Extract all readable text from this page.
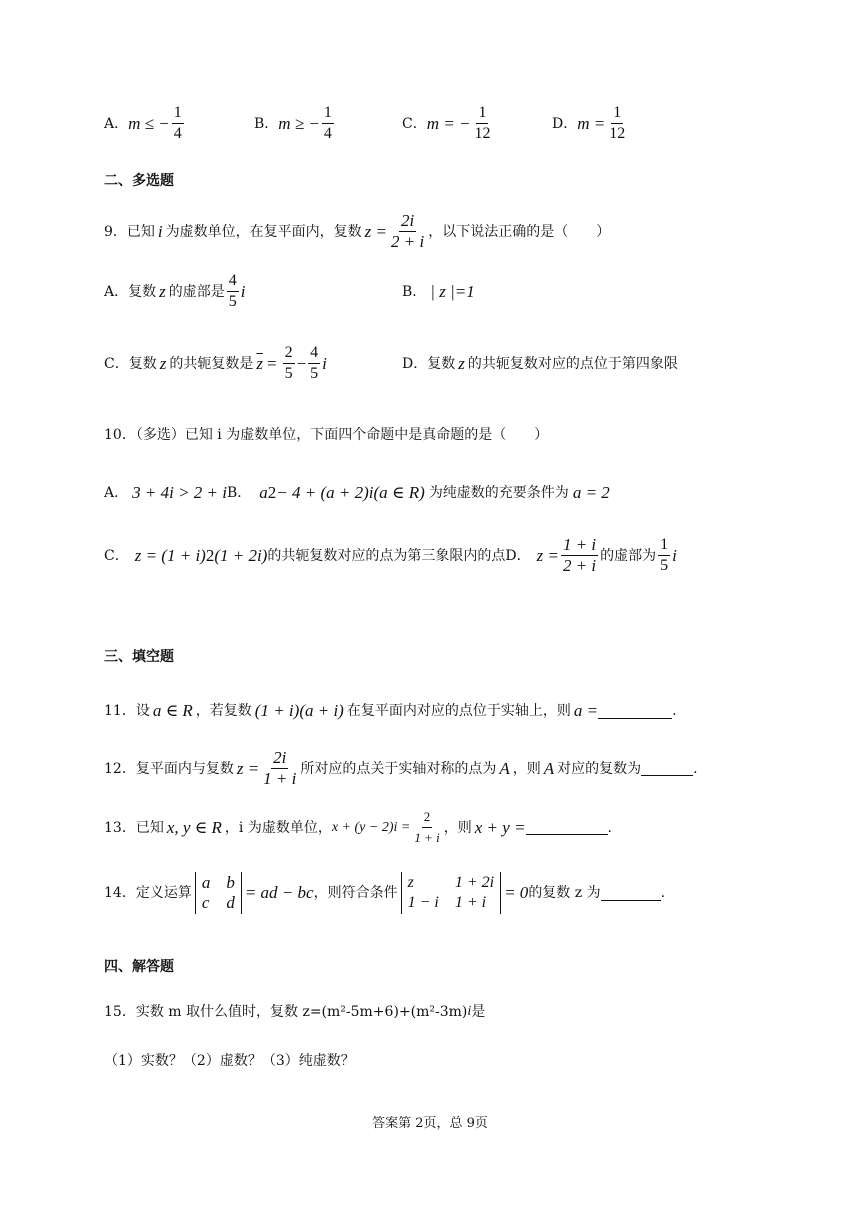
A． m ≤ − $\frac{1}{4}$	B． m ≥ − $\frac{1}{4}$	C． m = − $\frac{1}{12}$	D． $m = \frac{1}{12}$
二、多选题
9．已知 i 为虚数单位，在复平面内，复数 $z = \frac{2i}{2 + i}$ ，以下说法正确的是（　　）
A．复数 z 的虚部是 $\frac{4}{5}$ i	B． | z |=1
C．复数 z 的共轭复数是 $\overline{z} = \frac{2}{5} - \frac{4}{5}$ i	D．复数 z 的共轭复数对应的点位于第四象限
10．（多选）已知 i 为虚数单位，下面四个命题中是真命题的是（　　）
A． 3 + 4i > 2 + i B． a 2 − 4 + (a + 2)i(a ∈ R) 为纯虚数的充要条件为 a = 2
C． z = (1 + i) 2 (1 + 2i) 的共轭复数对应的点为第三象限内的点 D． $z = \frac{1 + i}{2 + i}$ 的虚部为 $\frac{1}{5}$ i
三、填空题
11．设 a ∈ R ，若复数 (1 + i)(a + i) 在复平面内对应的点位于实轴上，则 a =	.
12．复平面内与复数 $z = \frac{2i}{1 + i}$ 所对应的点关于实轴对称的点为 A ，则 A 对应的复数为	.
13．已知 x, y ∈ R ，i 为虚数单位， $x + (y - 2)i = \frac{2}{1 + i}$ ，则 x + y =	.
14．定义运算
a b
c d
= ad − bc ，则符合条件
z	1 + 2i
1 − i 1 + i
= 0 的复数 z 为	.
四、解答题
15．实数 m 取什么值时，复数 z=(m²-5m+6)+(m²-3m) i 是
（1）实数？（2）虚数？（3）纯虚数？
答案第 2页，总 9页
